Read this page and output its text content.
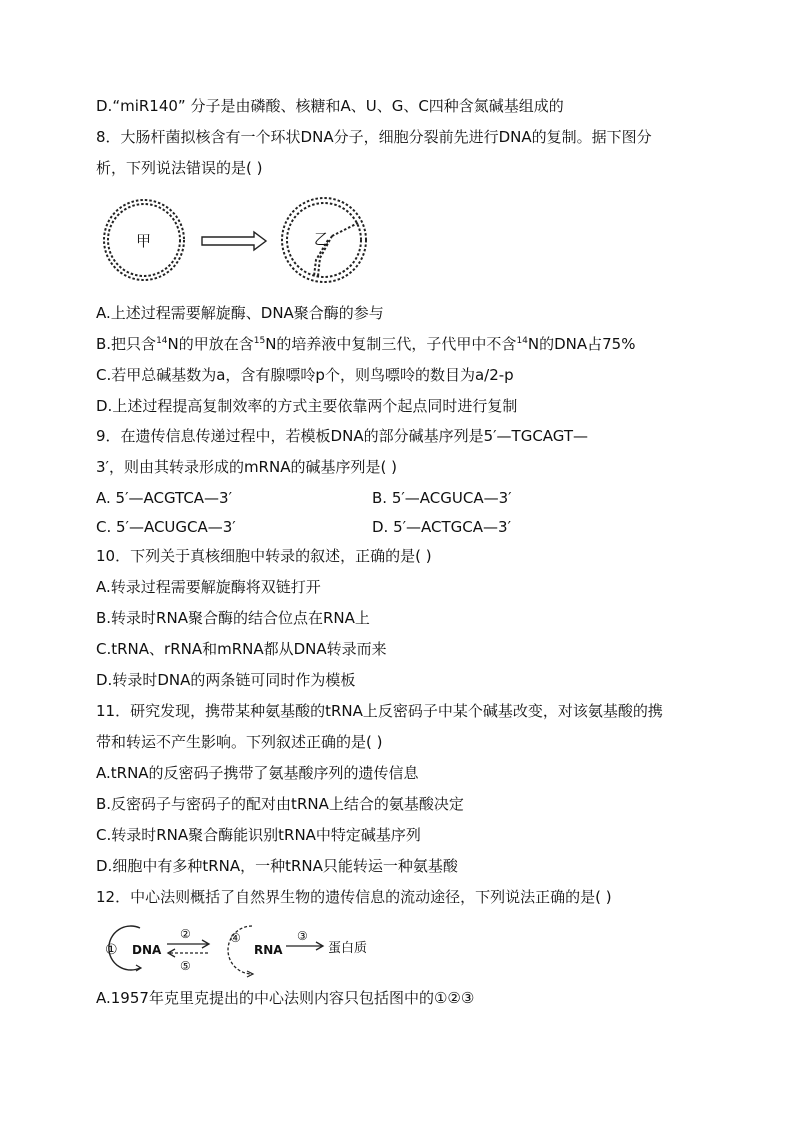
D.“miR140” 分子是由磷酸、核糖和A、U、G、C四种含氮碱基组成的
8．大肠杆菌拟核含有一个环状DNA分子，细胞分裂前先进行DNA的复制。据下图分
析，下列说法错误的是( )
甲	乙
A.上述过程需要解旋酶、DNA聚合酶的参与
B.把只含$^{14}$N的甲放在含$^{15}$N的培养液中复制三代，子代甲中不含$^{14}$N的DNA占75%
C.若甲总碱基数为a，含有腺嘌呤p个，则鸟嘌呤的数目为a/2-p
D.上述过程提高复制效率的方式主要依靠两个起点同时进行复制
9．在遗传信息传递过程中，若模板DNA的部分碱基序列是5′—TGCAGT—
3′，则由其转录形成的mRNA的碱基序列是( )
A. 5′—ACGTCA—3′	B. 5′—ACGUCA—3′
C. 5′—ACUGCA—3′	D. 5′—ACTGCA—3′
10．下列关于真核细胞中转录的叙述，正确的是( )
A.转录过程需要解旋酶将双链打开
B.转录时RNA聚合酶的结合位点在RNA上
C.tRNA、rRNA和mRNA都从DNA转录而来
D.转录时DNA的两条链可同时作为模板
11．研究发现，携带某种氨基酸的tRNA上反密码子中某个碱基改变，对该氨基酸的携
带和转运不产生影响。下列叙述正确的是( )
A.tRNA的反密码子携带了氨基酸序列的遗传信息
B.反密码子与密码子的配对由tRNA上结合的氨基酸决定
C.转录时RNA聚合酶能识别tRNA中特定碱基序列
D.细胞中有多种tRNA，一种tRNA只能转运一种氨基酸
12．中心法则概括了自然界生物的遗传信息的流动途径，下列说法正确的是( )
① DNA
②
⑤
④
RNA
③
蛋白质
A.1957年克里克提出的中心法则内容只包括图中的①②③
